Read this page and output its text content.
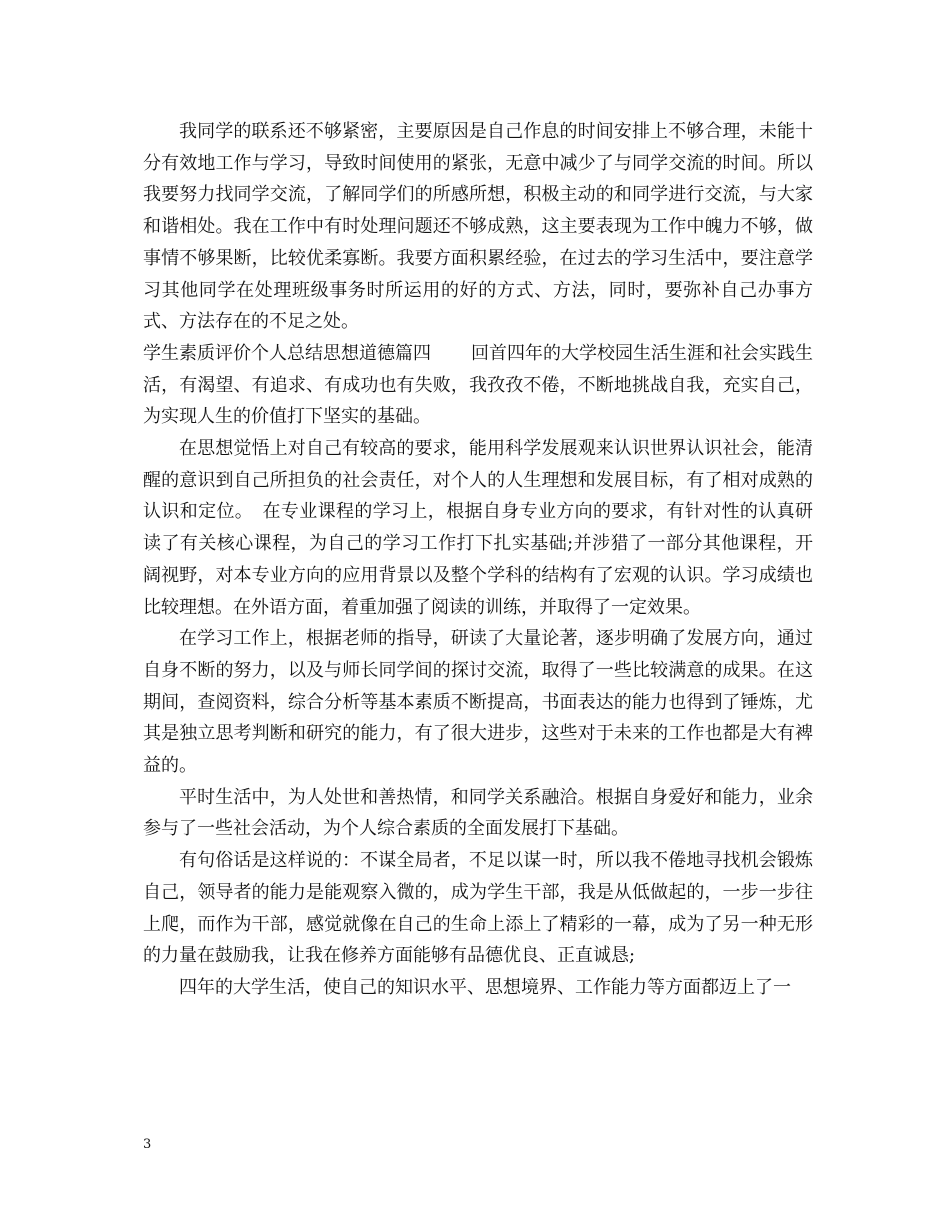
我同学的联系还不够紧密，主要原因是自己作息的时间安排上不够合理，未能十分有效地工作与学习，导致时间使用的紧张，无意中减少了与同学交流的时间。所以我要努力找同学交流，了解同学们的所感所想，积极主动的和同学进行交流，与大家和谐相处。我在工作中有时处理问题还不够成熟，这主要表现为工作中魄力不够，做事情不够果断，比较优柔寡断。我要方面积累经验，在过去的学习生活中，要注意学习其他同学在处理班级事务时所运用的好的方式、方法，同时，要弥补自己办事方式、方法存在的不足之处。

学生素质评价个人总结思想道德篇四 回首四年的大学校园生活生涯和社会实践生活，有渴望、有追求、有成功也有失败，我孜孜不倦，不断地挑战自我，充实自己，为实现人生的价值打下坚实的基础。

在思想觉悟上对自己有较高的要求，能用科学发展观来认识世界认识社会，能清醒的意识到自己所担负的社会责任，对个人的人生理想和发展目标，有了相对成熟的认识和定位。　在专业课程的学习上，根据自身专业方向的要求，有针对性的认真研读了有关核心课程，为自己的学习工作打下扎实基础;并涉猎了一部分其他课程，开阔视野，对本专业方向的应用背景以及整个学科的结构有了宏观的认识。学习成绩也比较理想。在外语方面，着重加强了阅读的训练，并取得了一定效果。

在学习工作上，根据老师的指导，研读了大量论著，逐步明确了发展方向，通过自身不断的努力，以及与师长同学间的探讨交流，取得了一些比较满意的成果。在这期间，查阅资料，综合分析等基本素质不断提高，书面表达的能力也得到了锤炼，尤其是独立思考判断和研究的能力，有了很大进步，这些对于未来的工作也都是大有裨益的。

平时生活中，为人处世和善热情，和同学关系融洽。根据自身爱好和能力，业余参与了一些社会活动，为个人综合素质的全面发展打下基础。

有句俗话是这样说的：不谋全局者，不足以谋一时，所以我不倦地寻找机会锻炼自己，领导者的能力是能观察入微的，成为学生干部，我是从低做起的，一步一步往上爬，而作为干部，感觉就像在自己的生命上添上了精彩的一幕，成为了另一种无形的力量在鼓励我，让我在修养方面能够有品德优良、正直诚恳;

四年的大学生活，使自己的知识水平、思想境界、工作能力等方面都迈上了一

3
